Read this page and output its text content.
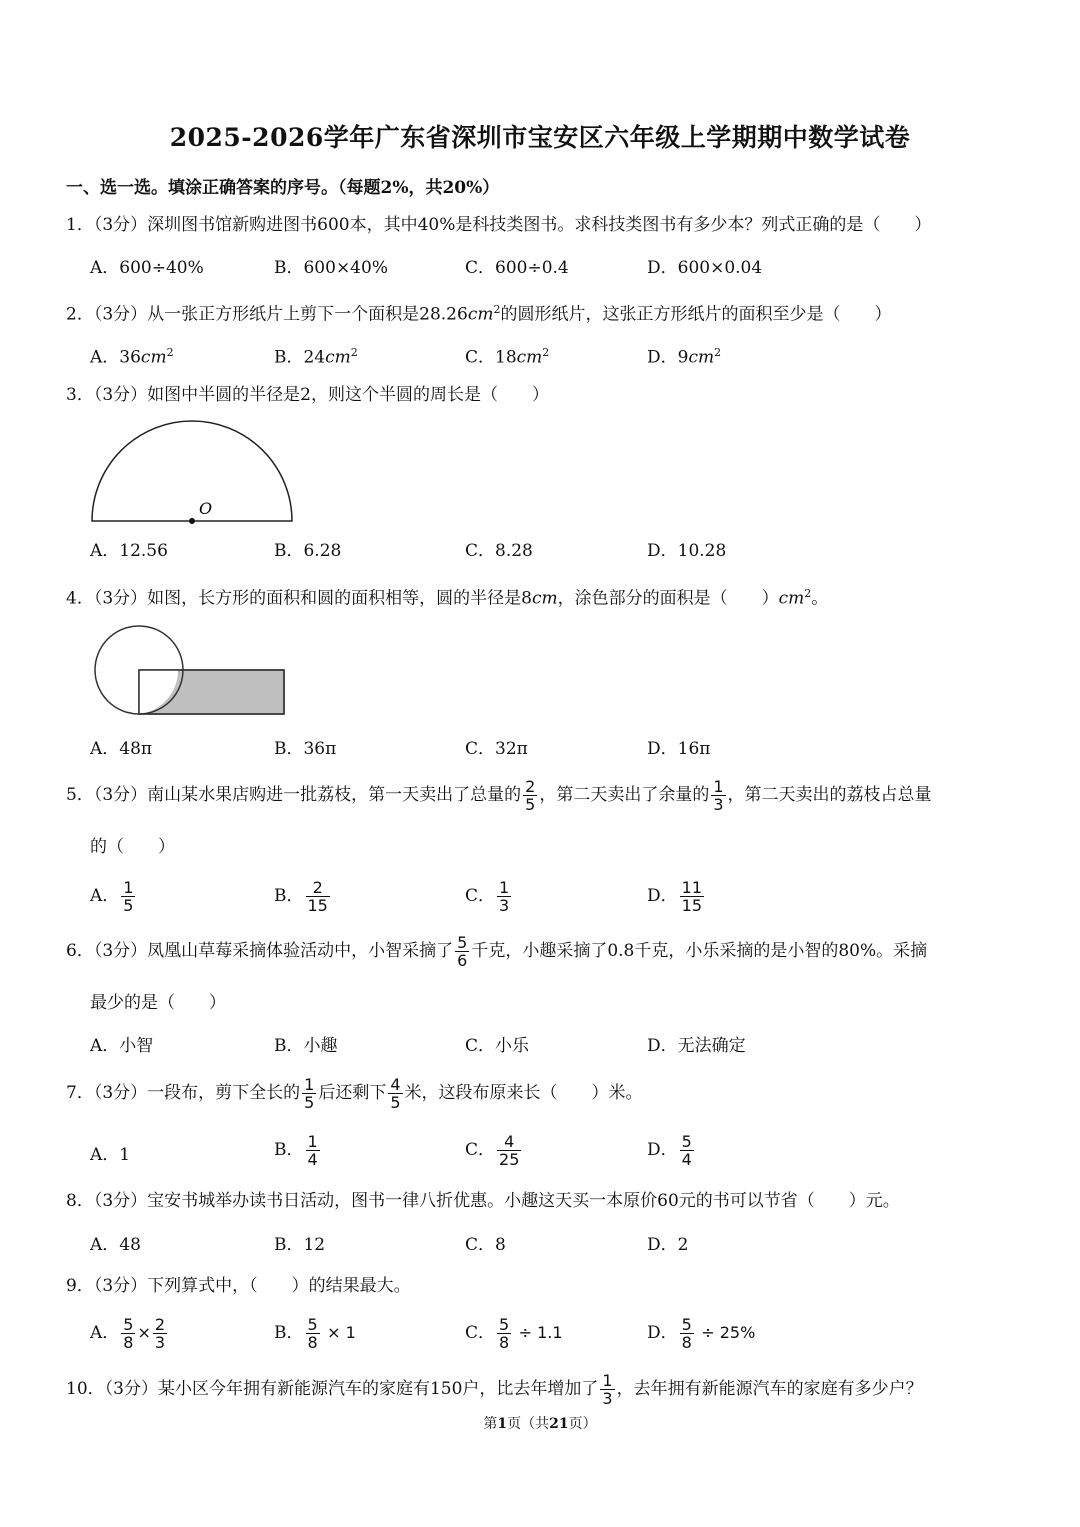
2025-2026学年广东省深圳市宝安区六年级上学期期中数学试卷
一、选一选。填涂正确答案的序号。（每题2%，共20%）
1．（3分）深圳图书馆新购进图书600本，其中40%是科技类图书。求科技类图书有多少本？列式正确的是（　　）
A．600÷40%	B．600×40%	C．600÷0.4	D．600×0.04
2．（3分）从一张正方形纸片上剪下一个面积是$28.26cm^2$的圆形纸片，这张正方形纸片的面积至少是（　　）
A．$36cm^2$	B．$24cm^2$	C．$18cm^2$	D．$9cm^2$
3．（3分）如图中半圆的半径是2，则这个半圆的周长是（　　）
O
A．12.56	B．6.28	C．8.28	D．10.28
4．（3分）如图，长方形的面积和圆的面积相等，圆的半径是8cm，涂色部分的面积是（　　）$cm^2$。
A．48π	B．36π	C．32π	D．16π
5．（3分）南山某水果店购进一批荔枝，第一天卖出了总量的 $\frac{2}{5}$ ，第二天卖出了余量的 $\frac{1}{3}$ ，第二天卖出的荔枝占总量
的（　　）
A． $\frac{1}{5}$	B． $\frac{2}{15}$	C． $\frac{1}{3}$	D． $\frac{11}{15}$
6．（3分）凤凰山草莓采摘体验活动中，小智采摘了 $\frac{5}{6}$ 千克，小趣采摘了0.8千克，小乐采摘的是小智的80%。采摘
最少的是（　　）
A．小智	B．小趣	C．小乐	D．无法确定
7．（3分）一段布，剪下全长的 $\frac{1}{5}$ 后还剩下 $\frac{4}{5}$ 米，这段布原来长（　　）米。
A．1	B． $\frac{1}{4}$	C． $\frac{4}{25}$	D． $\frac{5}{4}$
8．（3分）宝安书城举办读书日活动，图书一律八折优惠。小趣这天买一本原价60元的书可以节省（　　）元。
A．48	B．12	C．8	D．2
9．（3分）下列算式中，（　　）的结果最大。
A． $\frac{5}{8} \times \frac{2}{3}$	B． $\frac{5}{8} \times 1$	C． $\frac{5}{8} \div 1.1$	D． $\frac{5}{8} \div 25\%$
10．（3分）某小区今年拥有新能源汽车的家庭有150户，比去年增加了 $\frac{1}{3}$ ，去年拥有新能源汽车的家庭有多少户？
第1页（共21页）
